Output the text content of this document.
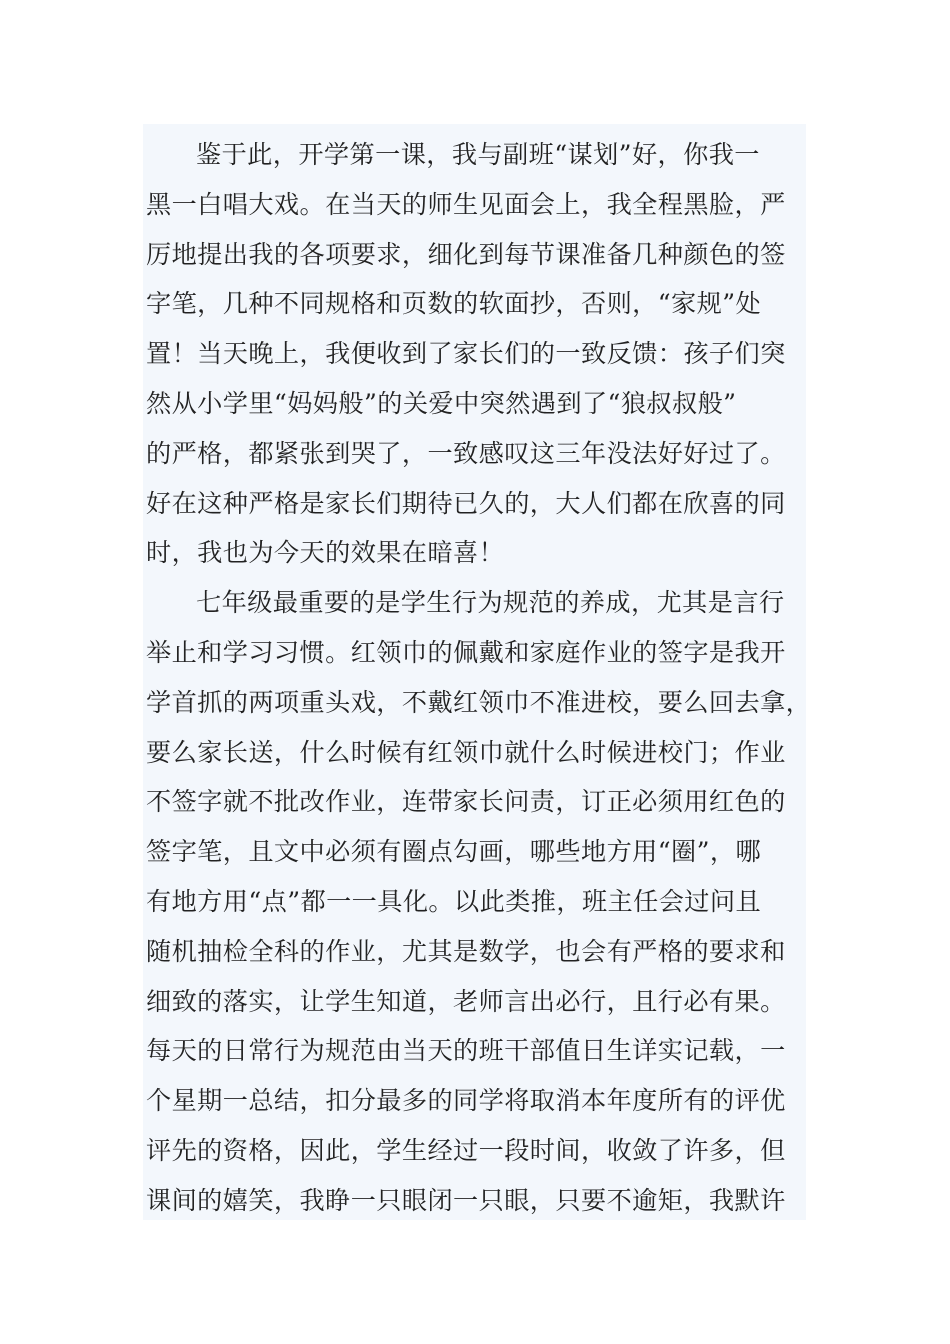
鉴于此，开学第一课，我与副班“谋划”好，你我一
黑一白唱大戏。在当天的师生见面会上，我全程黑脸，严
厉地提出我的各项要求，细化到每节课准备几种颜色的签
字笔，几种不同规格和页数的软面抄，否则，“家规”处
置！当天晚上，我便收到了家长们的一致反馈：孩子们突
然从小学里“妈妈般”的关爱中突然遇到了“狼叔叔般”
的严格，都紧张到哭了，一致感叹这三年没法好好过了。
好在这种严格是家长们期待已久的，大人们都在欣喜的同
时，我也为今天的效果在暗喜！
七年级最重要的是学生行为规范的养成，尤其是言行
举止和学习习惯。红领巾的佩戴和家庭作业的签字是我开
学首抓的两项重头戏，不戴红领巾不准进校，要么回去拿，
要么家长送，什么时候有红领巾就什么时候进校门；作业
不签字就不批改作业，连带家长问责，订正必须用红色的
签字笔，且文中必须有圈点勾画，哪些地方用“圈”，哪
有地方用“点”都一一具化。以此类推，班主任会过问且
随机抽检全科的作业，尤其是数学，也会有严格的要求和
细致的落实，让学生知道，老师言出必行，且行必有果。
每天的日常行为规范由当天的班干部值日生详实记载，一
个星期一总结，扣分最多的同学将取消本年度所有的评优
评先的资格，因此，学生经过一段时间，收敛了许多，但
课间的嬉笑，我睁一只眼闭一只眼，只要不逾矩，我默许
